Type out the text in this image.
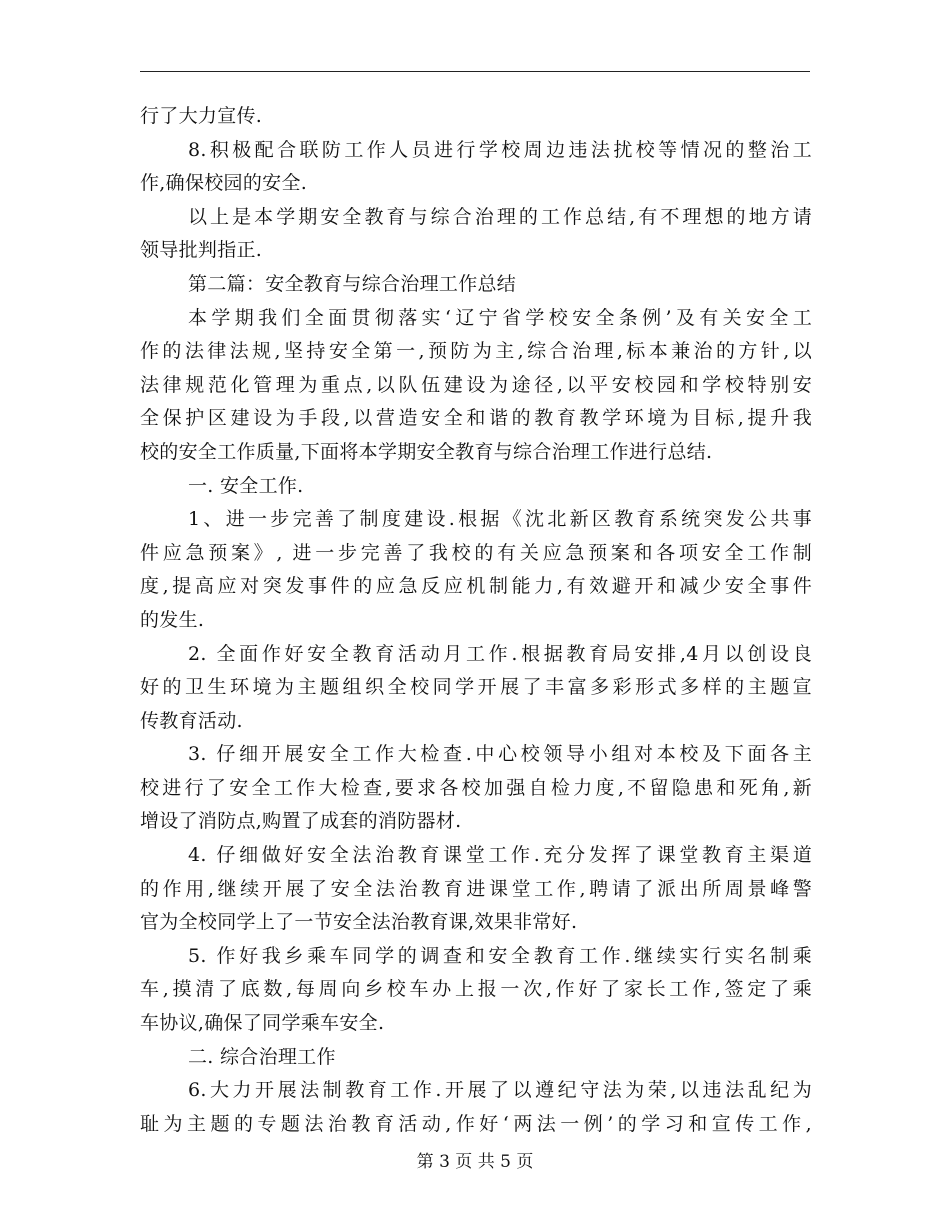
行了大力宣传.
8.积极配合联防工作人员进行学校周边违法扰校等情况的整治工
作,确保校园的安全.
以上是本学期安全教育与综合治理的工作总结,有不理想的地方请
领导批判指正.
第二篇：安全教育与综合治理工作总结
本学期我们全面贯彻落实‘辽宁省学校安全条例’及有关安全工
作的法律法规,坚持安全第一,预防为主,综合治理,标本兼治的方针,以
法律规范化管理为重点,以队伍建设为途径,以平安校园和学校特别安
全保护区建设为手段,以营造安全和谐的教育教学环境为目标,提升我
校的安全工作质量,下面将本学期安全教育与综合治理工作进行总结.
一. 安全工作.
1、进一步完善了制度建设.根据《沈北新区教育系统突发公共事
件应急预案》, 进一步完善了我校的有关应急预案和各项安全工作制
度,提高应对突发事件的应急反应机制能力,有效避开和减少安全事件
的发生.
2. 全面作好安全教育活动月工作.根据教育局安排,4月以创设良
好的卫生环境为主题组织全校同学开展了丰富多彩形式多样的主题宣
传教育活动.
3. 仔细开展安全工作大检查.中心校领导小组对本校及下面各主
校进行了安全工作大检查,要求各校加强自检力度,不留隐患和死角,新
增设了消防点,购置了成套的消防器材.
4. 仔细做好安全法治教育课堂工作.充分发挥了课堂教育主渠道
的作用,继续开展了安全法治教育进课堂工作,聘请了派出所周景峰警
官为全校同学上了一节安全法治教育课,效果非常好.
5. 作好我乡乘车同学的调查和安全教育工作.继续实行实名制乘
车,摸清了底数,每周向乡校车办上报一次,作好了家长工作,签定了乘
车协议,确保了同学乘车安全.
二. 综合治理工作
6.大力开展法制教育工作.开展了以遵纪守法为荣,以违法乱纪为
耻为主题的专题法治教育活动,作好‘两法一例’的学习和宣传工作,
第 3 页 共 5 页
